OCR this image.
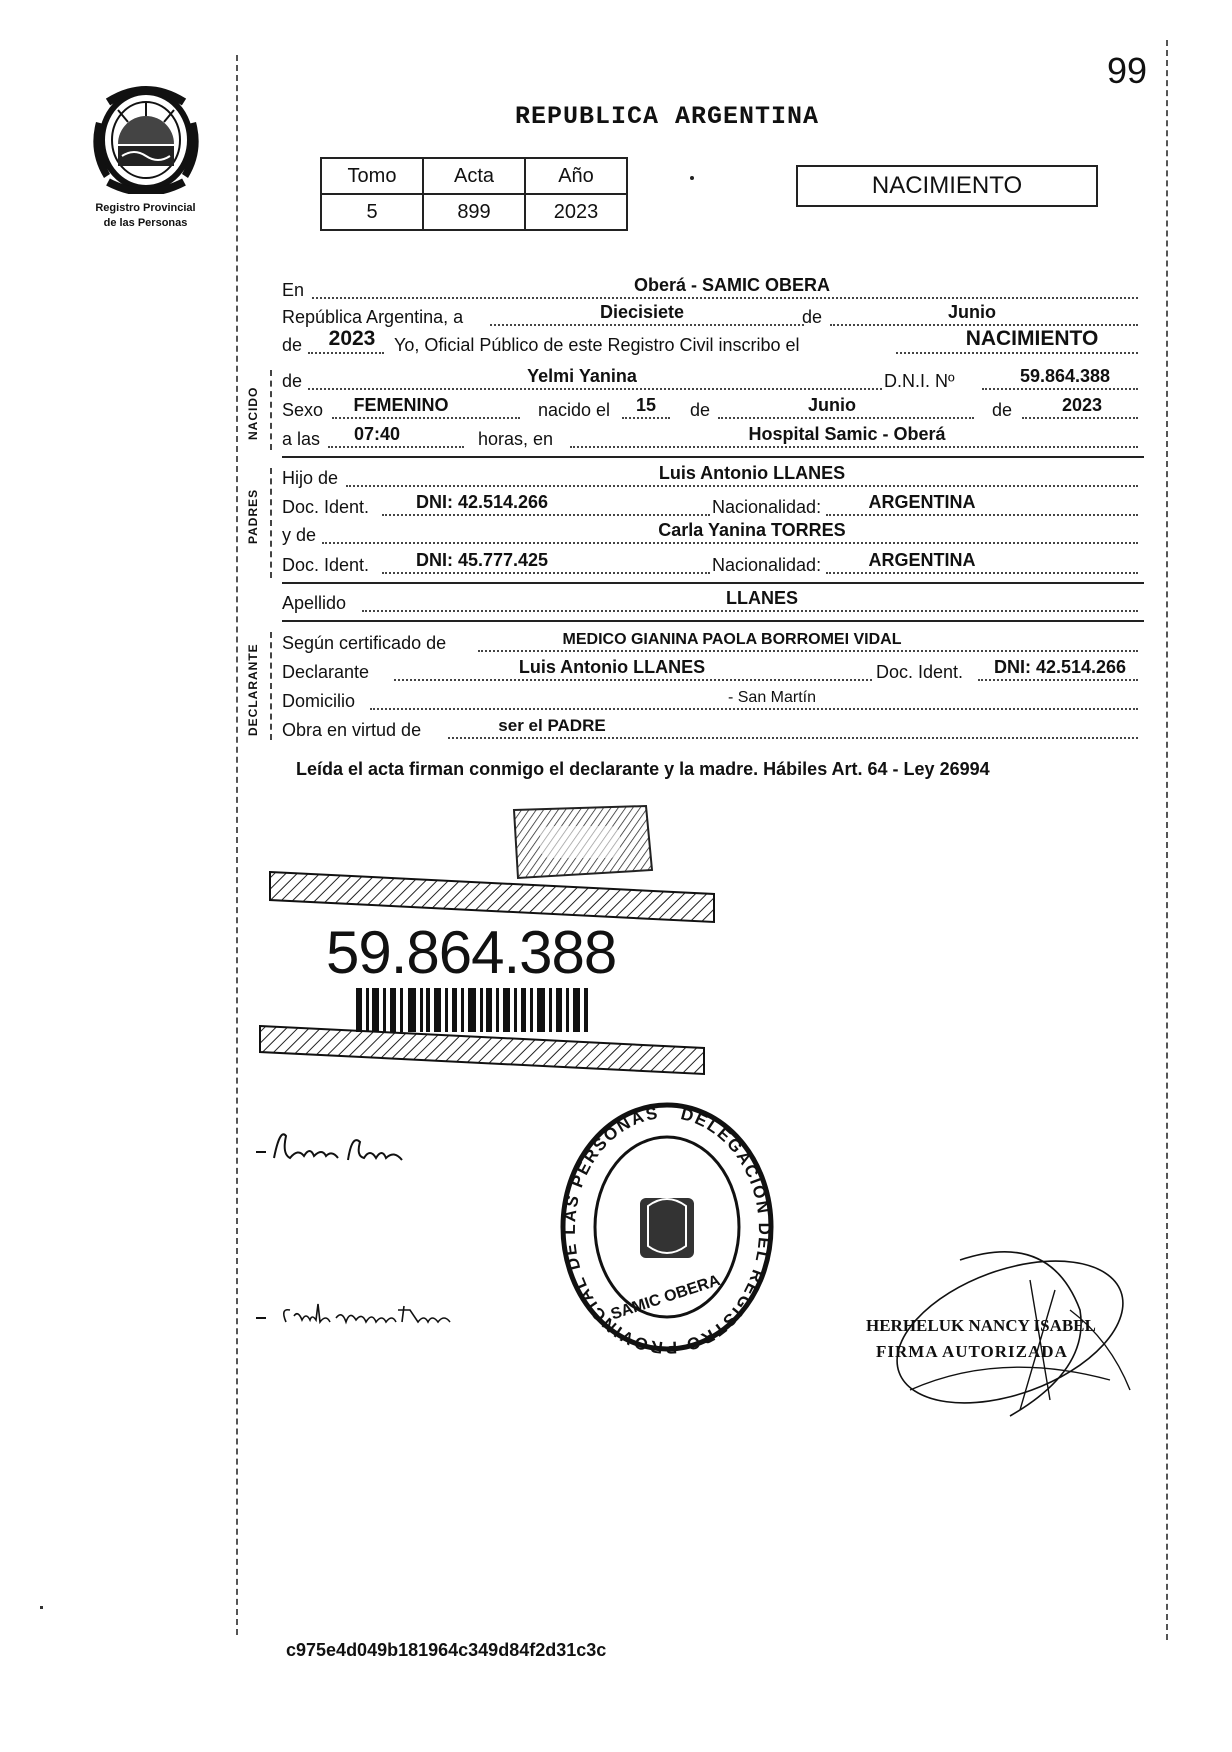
99
Registro Provincial
de las Personas
REPUBLICA ARGENTINA
Tomo	Acta	Año
5	899	2023
NACIMIENTO
En	Oberá - SAMIC OBERA
República Argentina, a	Diecisiete	de	Junio
de	2023	Yo, Oficial Público de este Registro Civil inscribo el	NACIMIENTO
NACIDO
de	Yelmi Yanina	D.N.I. Nº	59.864.388
Sexo	FEMENINO	nacido el	15	de	Junio	de	2023
a las	07:40	horas, en	Hospital Samic - Oberá
PADRES
Hijo de	Luis Antonio LLANES
Doc. Ident.	DNI: 42.514.266	Nacionalidad:	ARGENTINA
y de	Carla Yanina TORRES
Doc. Ident.	DNI: 45.777.425	Nacionalidad:	ARGENTINA
Apellido	LLANES
DECLARANTE
Según certificado de	MEDICO GIANINA PAOLA BORROMEI VIDAL
Declarante	Luis Antonio LLANES	Doc. Ident.	DNI: 42.514.266
Domicilio	- San Martín
Obra en virtud de	ser el PADRE
Leída el acta firman conmigo el declarante y la madre. Hábiles Art. 64 - Ley 26994
59.864.388
DELEGACIÓN DEL REGISTRO PROVINCIAL DE LAS PERSONAS
SAMIC OBERA
HERHELUK NANCY ISABEL
FIRMA AUTORIZADA
c975e4d049b181964c349d84f2d31c3c
